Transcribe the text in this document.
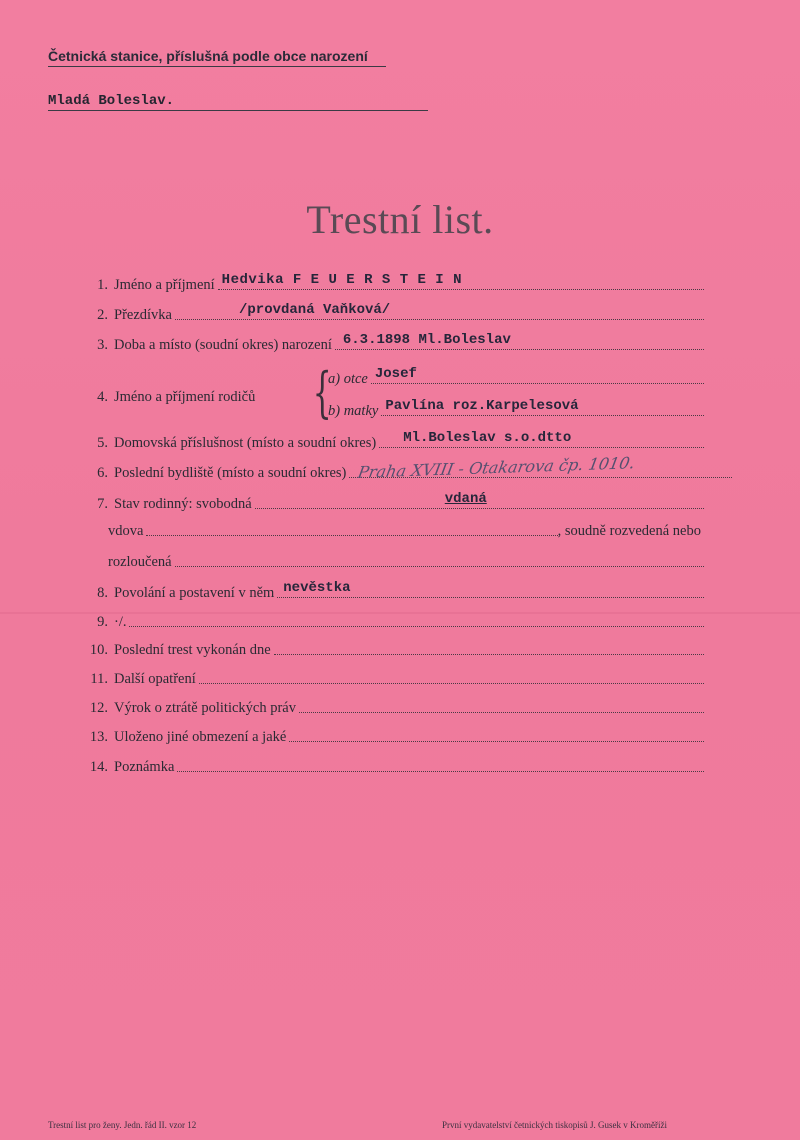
Četnická stanice, příslušná podle obce narození
Mladá Boleslav.
Trestní list.
1. Jméno a příjmení Hedvika F E U E R S T E I N
2. Přezdívka	/provdaná Vaňková/
3. Doba a místo (soudní okres) narození 6.3.1898 Ml.Boleslav
4. Jméno a příjmení rodičů {
a) otce Josef
b) matky Pavlína roz.Karpelesová
5. Domovská příslušnost (místo a soudní okres) Ml.Boleslav s.o.dtto
6. Poslední bydliště (místo a soudní okres) Praha XVIII - Otakarova čp. 1010.
7. Stav rodinný: svobodná	vdaná
vdova	, soudně rozvedená nebo
rozloučená
8. Povolání a postavení v něm nevěstka
9. ·/.
10. Poslední trest vykonán dne
11. Další opatření
12. Výrok o ztrátě politických práv
13. Uloženo jiné obmezení a jaké
14. Poznámka
Trestní list pro ženy. Jedn. řád II. vzor 12	První vydavatelství četnických tiskopisů J. Gusek v Kroměříži
